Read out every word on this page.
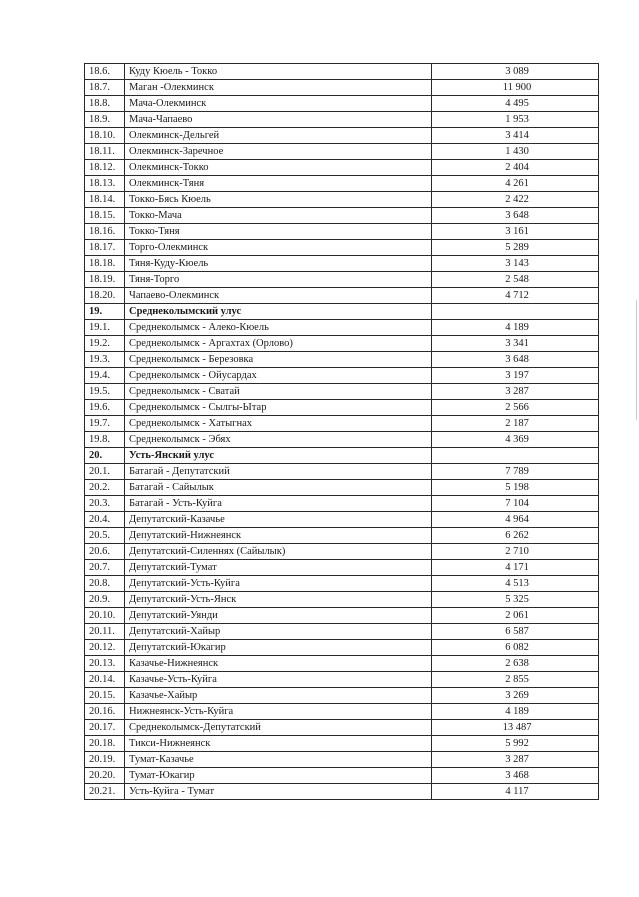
18.6.	Куду Кюель - Токко	3 089
18.7.	Маган -Олекминск	11 900
18.8.	Мача-Олекминск	4 495
18.9.	Мача-Чапаево	1 953
18.10.	Олекминск-Дельгей	3 414
18.11.	Олекминск-Заречное	1 430
18.12.	Олекминск-Токко	2 404
18.13.	Олекминск-Тяня	4 261
18.14.	Токко-Бясь Кюель	2 422
18.15.	Токко-Мача	3 648
18.16.	Токко-Тяня	3 161
18.17.	Торго-Олекминск	5 289
18.18.	Тяня-Куду-Кюель	3 143
18.19.	Тяня-Торго	2 548
18.20.	Чапаево-Олекминск	4 712
19.	Среднеколымский улус	
19.1.	Среднеколымск - Алеко-Кюель	4 189
19.2.	Среднеколымск - Аргахтах (Орлово)	3 341
19.3.	Среднеколымск - Березовка	3 648
19.4.	Среднеколымск - Ойусардах	3 197
19.5.	Среднеколымск - Сватай	3 287
19.6.	Среднеколымск - Сылгы-Ытар	2 566
19.7.	Среднеколымск - Хатыгнах	2 187
19.8.	Среднеколымск - Эбях	4 369
20.	Усть-Янский улус	
20.1.	Батагай - Депутатский	7 789
20.2.	Батагай - Сайылык	5 198
20.3.	Батагай - Усть-Куйга	7 104
20.4.	Депутатский-Казачье	4 964
20.5.	Депутатский-Нижнеянск	6 262
20.6.	Депутатский-Силеннях (Сайылык)	2 710
20.7.	Депутатский-Тумат	4 171
20.8.	Депутатский-Усть-Куйга	4 513
20.9.	Депутатский-Усть-Янск	5 325
20.10.	Депутатский-Уянди	2 061
20.11.	Депутатский-Хайыр	6 587
20.12.	Депутатский-Юкагир	6 082
20.13.	Казачье-Нижнеянск	2 638
20.14.	Казачье-Усть-Куйга	2 855
20.15.	Казачье-Хайыр	3 269
20.16.	Нижнеянск-Усть-Куйга	4 189
20.17.	Среднеколымск-Депутатский	13 487
20.18.	Тикси-Нижнеянск	5 992
20.19.	Тумат-Казачье	3 287
20.20.	Тумат-Юкагир	3 468
20.21.	Усть-Куйга - Тумат	4 117
